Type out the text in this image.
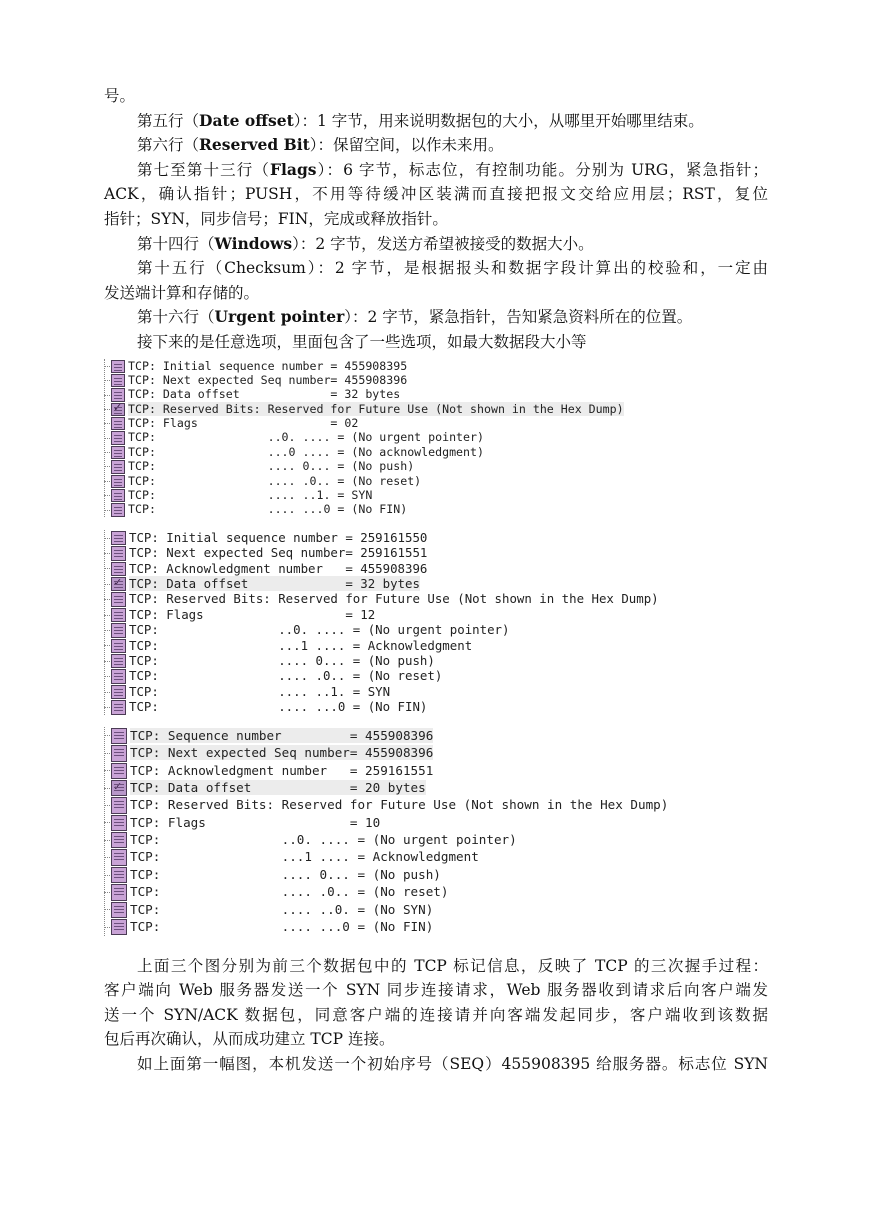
号。

第五行（Date offset）：1 字节，用来说明数据包的大小，从哪里开始哪里结束。

第六行（Reserved Bit）：保留空间，以作未来用。

第七至第十三行（Flags）：6 字节，标志位，有控制功能。分别为 URG，紧急指针；

ACK，确认指针；PUSH，不用等待缓冲区装满而直接把报文交给应用层；RST，复位

指针；SYN，同步信号；FIN，完成或释放指针。

第十四行（Windows）：2 字节，发送方希望被接受的数据大小。

第十五行（Checksum）：2 字节，是根据报头和数据字段计算出的校验和，一定由

发送端计算和存储的。

第十六行（Urgent pointer）：2 字节，紧急指针，告知紧急资料所在的位置。

接下来的是任意选项，里面包含了一些选项，如最大数据段大小等

TCP: Initial sequence number = 455908395
TCP: Next expected Seq number= 455908396
TCP: Data offset             = 32 bytes
✓
TCP: Reserved Bits: Reserved for Future Use (Not shown in the Hex Dump)
TCP: Flags                   = 02
TCP:                ..0. .... = (No urgent pointer)
TCP:                ...0 .... = (No acknowledgment)
TCP:                .... 0... = (No push)
TCP:                .... .0.. = (No reset)
TCP:                .... ..1. = SYN
TCP:                .... ...0 = (No FIN)
TCP: Initial sequence number = 259161550
TCP: Next expected Seq number= 259161551
TCP: Acknowledgment number   = 455908396
✓
TCP: Data offset             = 32 bytes
TCP: Reserved Bits: Reserved for Future Use (Not shown in the Hex Dump)
TCP: Flags                   = 12
TCP:                ..0. .... = (No urgent pointer)
TCP:                ...1 .... = Acknowledgment
TCP:                .... 0... = (No push)
TCP:                .... .0.. = (No reset)
TCP:                .... ..1. = SYN
TCP:                .... ...0 = (No FIN)
TCP: Sequence number         = 455908396
TCP: Next expected Seq number= 455908396
TCP: Acknowledgment number   = 259161551
✓
TCP: Data offset             = 20 bytes
TCP: Reserved Bits: Reserved for Future Use (Not shown in the Hex Dump)
TCP: Flags                   = 10
TCP:                ..0. .... = (No urgent pointer)
TCP:                ...1 .... = Acknowledgment
TCP:                .... 0... = (No push)
TCP:                .... .0.. = (No reset)
TCP:                .... ..0. = (No SYN)
TCP:                .... ...0 = (No FIN)

上面三个图分别为前三个数据包中的 TCP 标记信息，反映了 TCP 的三次握手过程：

客户端向 Web 服务器发送一个 SYN 同步连接请求，Web 服务器收到请求后向客户端发

送一个 SYN/ACK 数据包，同意客户端的连接请并向客端发起同步，客户端收到该数据

包后再次确认，从而成功建立 TCP 连接。

如上面第一幅图，本机发送一个初始序号（SEQ）455908395 给服务器。标志位 SYN
